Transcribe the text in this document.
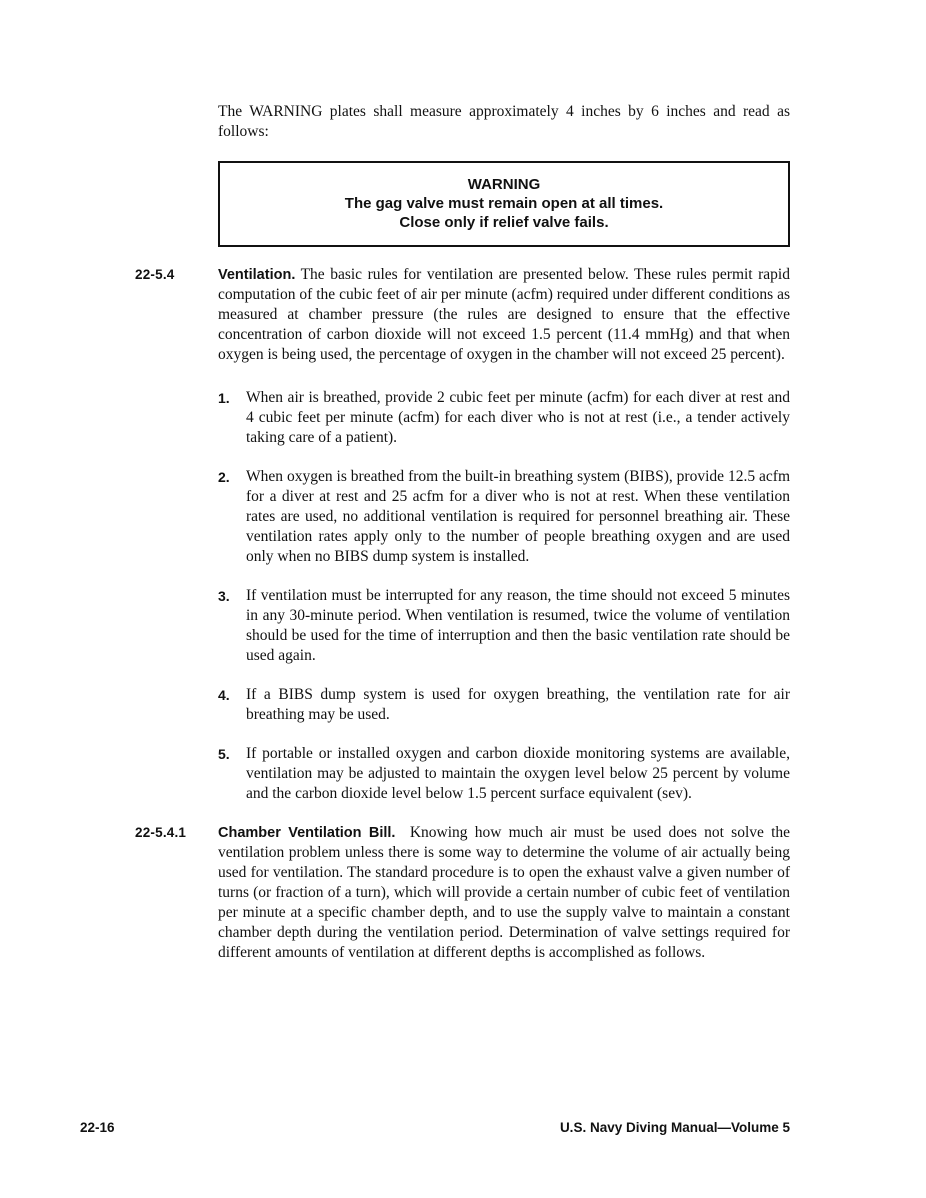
The WARNING plates shall measure approximately 4 inches by 6 inches and read as follows:

WARNING
The gag valve must remain open at all times.
Close only if relief valve fails.
22-5.4	Ventilation. The basic rules for ventilation are presented below. These rules permit rapid computation of the cubic feet of air per minute (acfm) required under different conditions as measured at chamber pressure (the rules are designed to ensure that the effective concentration of carbon dioxide will not exceed 1.5 percent (11.4 mmHg) and that when oxygen is being used, the percentage of oxygen in the chamber will not exceed 25 percent).

1.	When air is breathed, provide 2 cubic feet per minute (acfm) for each diver at rest and 4 cubic feet per minute (acfm) for each diver who is not at rest (i.e., a tender actively taking care of a patient).
2.	When oxygen is breathed from the built-in breathing system (BIBS), provide 12.5 acfm for a diver at rest and 25 acfm for a diver who is not at rest. When these ventilation rates are used, no additional ventilation is required for personnel breathing air. These ventilation rates apply only to the number of people breathing oxygen and are used only when no BIBS dump system is installed.
3.	If ventilation must be interrupted for any reason, the time should not exceed 5 minutes in any 30-minute period. When ventilation is resumed, twice the volume of ventilation should be used for the time of interruption and then the basic ventilation rate should be used again.
4.	If a BIBS dump system is used for oxygen breathing, the ventilation rate for air breathing may be used.
5.	If portable or installed oxygen and carbon dioxide monitoring systems are available, ventilation may be adjusted to maintain the oxygen level below 25 percent by volume and the carbon dioxide level below 1.5 percent surface equivalent (sev).
22-5.4.1	Chamber Ventilation Bill. Knowing how much air must be used does not solve the ventilation problem unless there is some way to determine the volume of air actually being used for ventilation. The standard procedure is to open the exhaust valve a given number of turns (or fraction of a turn), which will provide a certain number of cubic feet of ventilation per minute at a specific chamber depth, and to use the supply valve to maintain a constant chamber depth during the ventilation period. Determination of valve settings required for different amounts of ventilation at different depths is accomplished as follows.

22-16	U.S. Navy Diving Manual—Volume 5
